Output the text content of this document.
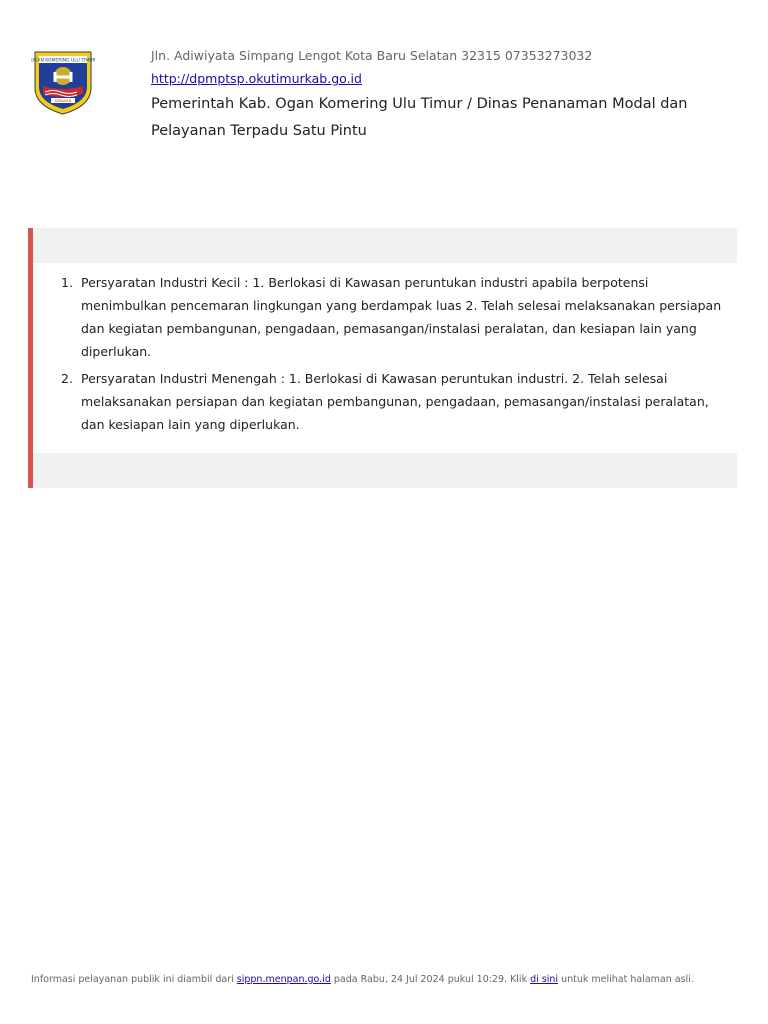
OGAN KOMERING ULU TIMUR
SERASAN
Jln. Adiwiyata Simpang Lengot Kota Baru Selatan 32315 07353273032
http://dpmptsp.okutimurkab.go.id
Pemerintah Kab. Ogan Komering Ulu Timur / Dinas Penanaman Modal dan Pelayanan Terpadu Satu Pintu
1. Persyaratan Industri Kecil : 1. Berlokasi di Kawasan peruntukan industri apabila berpotensi menimbulkan pencemaran lingkungan yang berdampak luas 2. Telah selesai melaksanakan persiapan dan kegiatan pembangunan, pengadaan, pemasangan/instalasi peralatan, dan kesiapan lain yang diperlukan.
2. Persyaratan Industri Menengah : 1. Berlokasi di Kawasan peruntukan industri. 2. Telah selesai melaksanakan persiapan dan kegiatan pembangunan, pengadaan, pemasangan/instalasi peralatan, dan kesiapan lain yang diperlukan.
Informasi pelayanan publik ini diambil dari sippn.menpan.go.id pada Rabu, 24 Jul 2024 pukul 10:29. Klik di sini untuk melihat halaman asli.
